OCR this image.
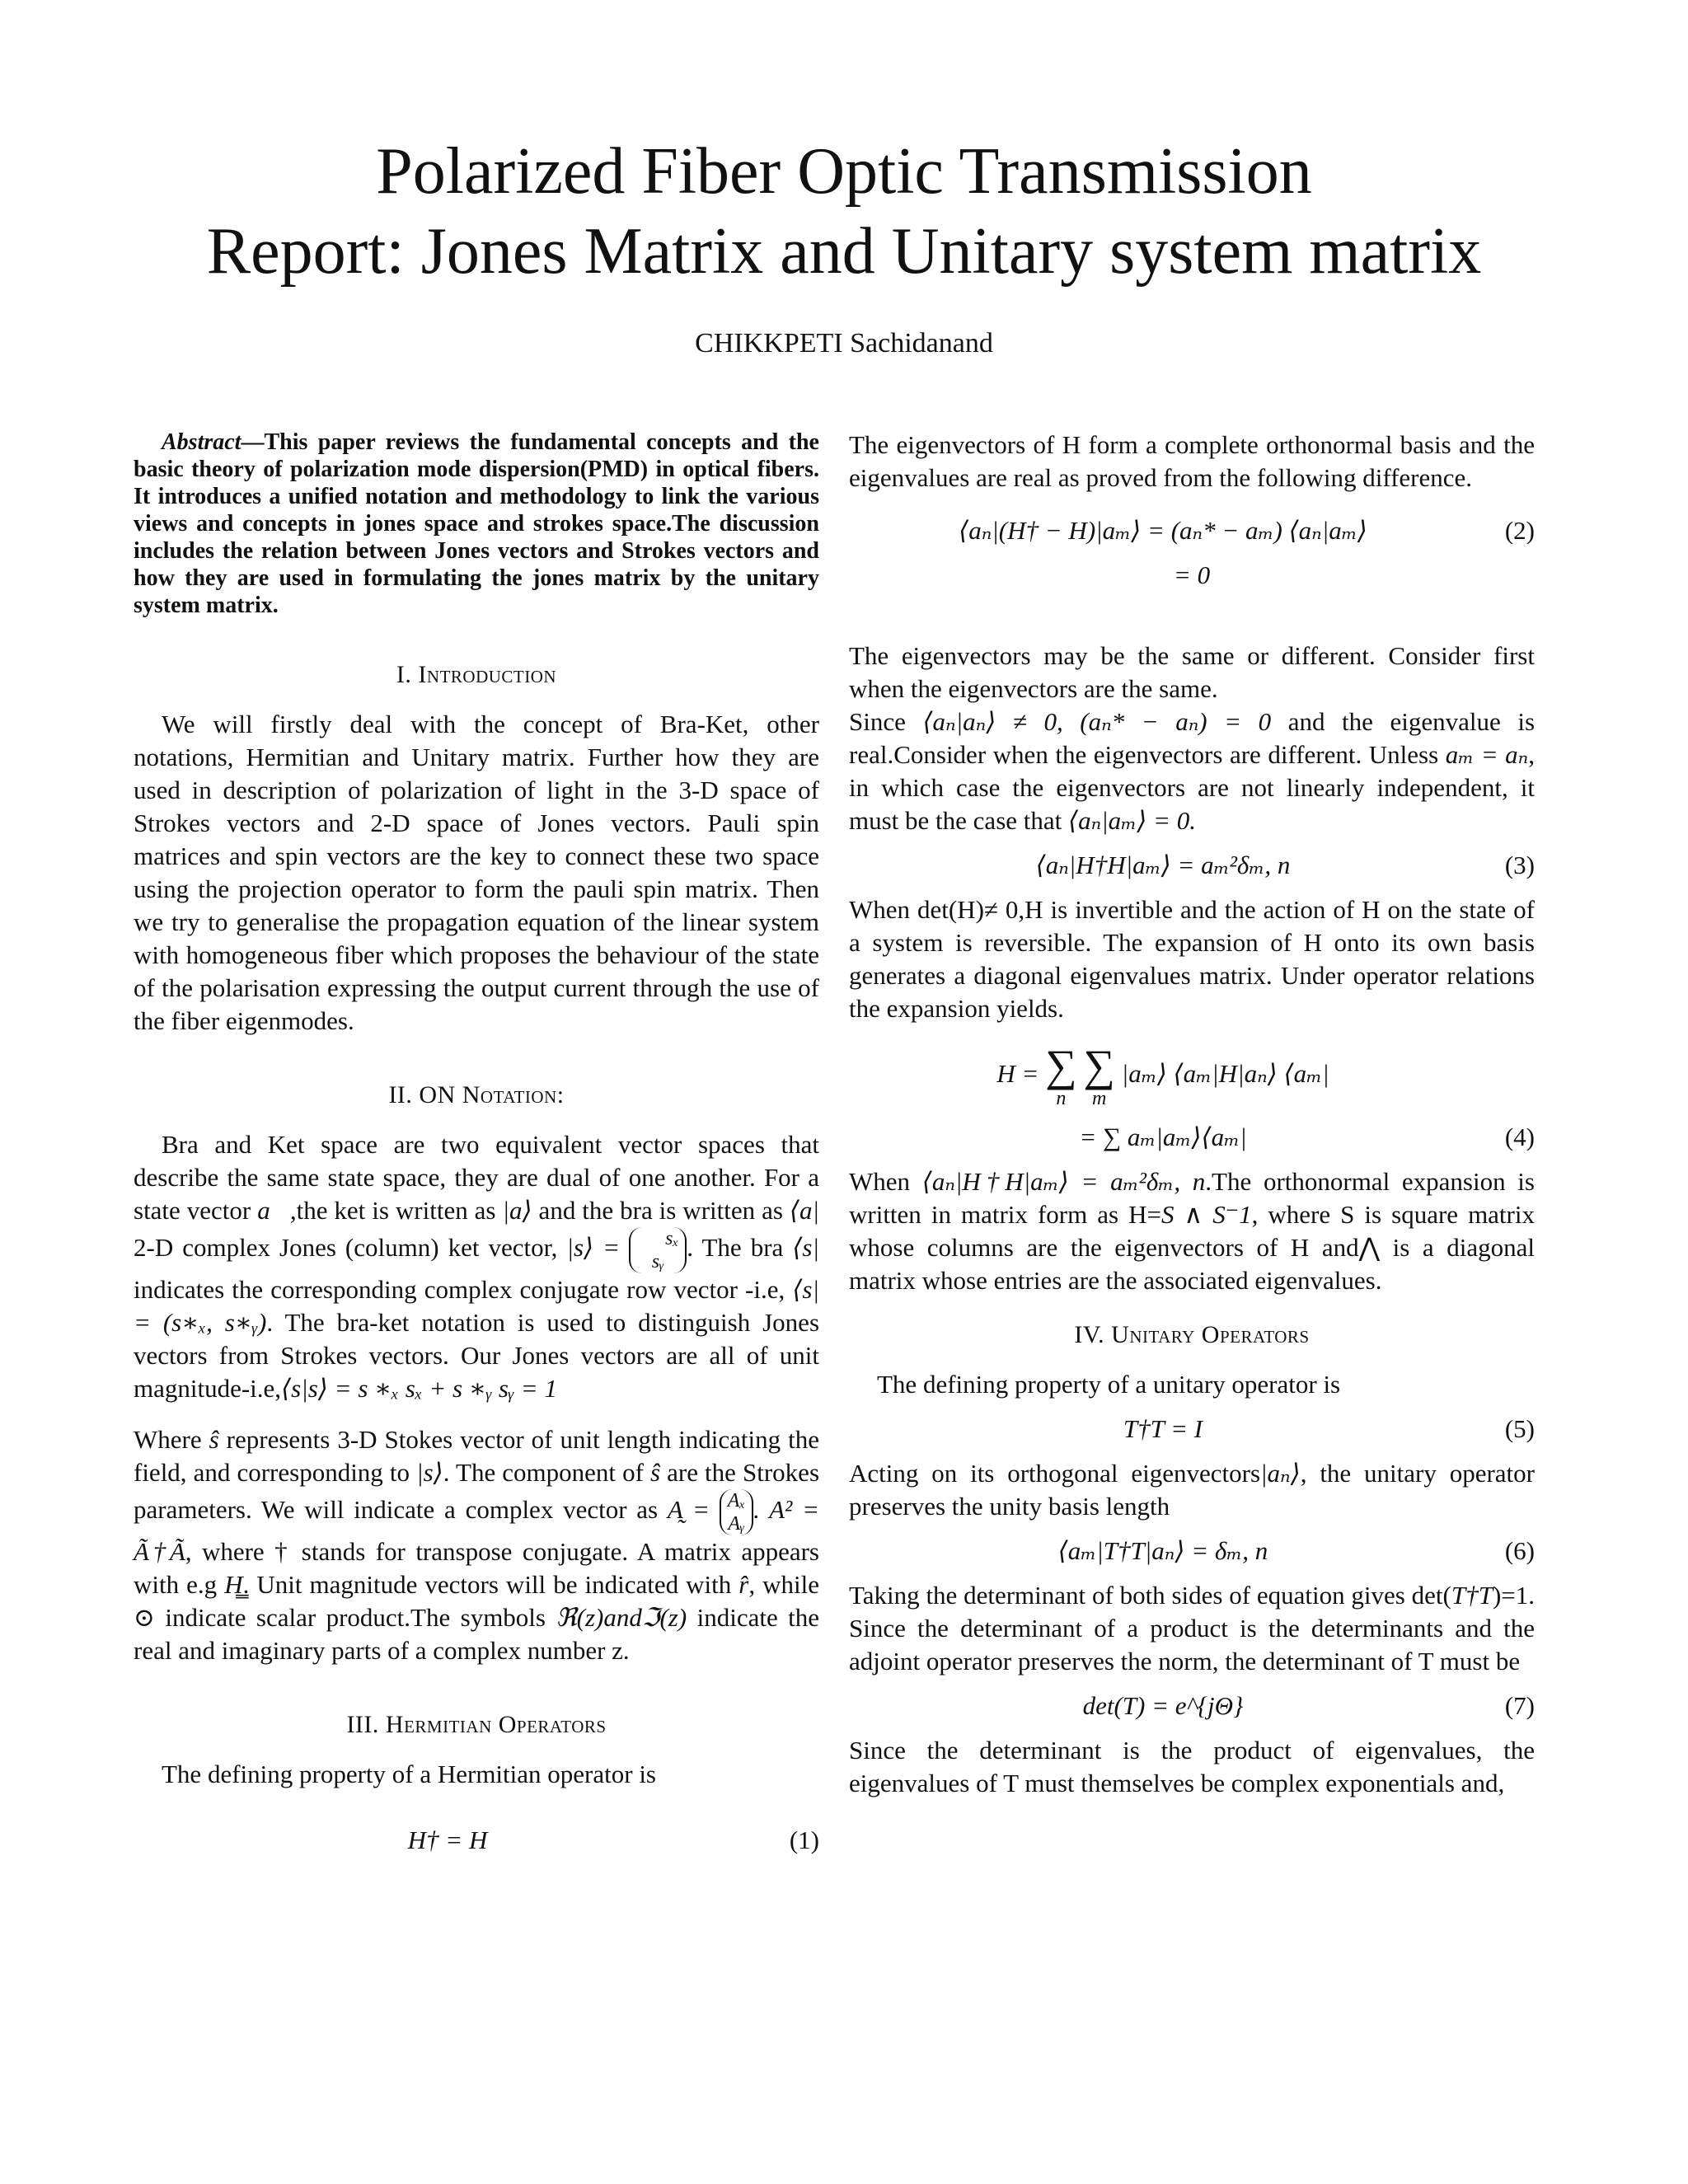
Polarized Fiber Optic Transmission
Report: Jones Matrix and Unitary system matrix
CHIKKPETI Sachidanand

Abstract—This paper reviews the fundamental concepts and the basic theory of polarization mode dispersion(PMD) in optical fibers. It introduces a unified notation and methodology to link the various views and concepts in jones space and strokes space.The discussion includes the relation between Jones vectors and Strokes vectors and how they are used in formulating the jones matrix by the unitary system matrix.

I. Introduction

We will firstly deal with the concept of Bra-Ket, other notations, Hermitian and Unitary matrix. Further how they are used in description of polarization of light in the 3-D space of Strokes vectors and 2-D space of Jones vectors. Pauli spin matrices and spin vectors are the key to connect these two space using the projection operator to form the pauli spin matrix. Then we try to generalise the propagation equation of the linear system with homogeneous fiber which proposes the behaviour of the state of the polarisation expressing the output current through the use of the fiber eigenmodes.

II. ON Notation:

Bra and Ket space are two equivalent vector spaces that describe the same state space, they are dual of one another. For a state vector a⃗,the ket is written as |a⟩ and the bra is written as ⟨a| 2-D complex Jones (column) ket vector, |s⟩ = sₓ
sᵧ . The bra ⟨s| indicates the corresponding complex conjugate row vector -i.e, ⟨s| = (s∗ₓ, s∗ᵧ). The bra-ket notation is used to distinguish Jones vectors from Strokes vectors. Our Jones vectors are all of unit magnitude-i.e,⟨s|s⟩ = s ∗ₓ sₓ + s ∗ᵧ sᵧ = 1

Where ŝ represents 3-D Stokes vector of unit length indicating the field, and corresponding to |s⟩. The component of ŝ are the Strokes parameters. We will indicate a complex vector as A̰ = Aₓ
Aᵧ . A² = Ã†Ã, where † stands for transpose conjugate. A matrix appears with e.g H̳. Unit magnitude vectors will be indicated with r̂, while ⊙ indicate scalar product.The symbols ℜ(z)andℑ(z) indicate the real and imaginary parts of a complex number z.

III. Hermitian Operators

The defining property of a Hermitian operator is

H† = H	(1)

The eigenvectors of H form a complete orthonormal basis and the eigenvalues are real as proved from the following difference.

⟨aₙ|(H† − H)|aₘ⟩ = (aₙ* − aₘ) ⟨aₙ|aₘ⟩	(2)
= 0

The eigenvectors may be the same or different. Consider first when the eigenvectors are the same.

Since ⟨aₙ|aₙ⟩ ≠ 0, (aₙ* − aₙ) = 0 and the eigenvalue is real.Consider when the eigenvectors are different. Unless aₘ = aₙ, in which case the eigenvectors are not linearly independent, it must be the case that ⟨aₙ|aₘ⟩ = 0.

⟨aₙ|H†H|aₘ⟩ = aₘ²δₘ, n	(3)

When det(H)≠ 0,H is invertible and the action of H on the state of a system is reversible. The expansion of H onto its own basis generates a diagonal eigenvalues matrix. Under operator relations the expansion yields.

H = ∑
n

∑
m
|aₘ⟩ ⟨aₘ|H|aₙ⟩ ⟨aₘ|
= ∑ aₘ|aₘ⟩⟨aₘ|	(4)

When ⟨aₙ|H†H|aₘ⟩ = aₘ²δₘ, n.The orthonormal expansion is written in matrix form as H=S ∧ S⁻1, where S is square matrix whose columns are the eigenvectors of H and⋀ is a diagonal matrix whose entries are the associated eigenvalues.

IV. Unitary Operators

The defining property of a unitary operator is

T†T = I	(5)

Acting on its orthogonal eigenvectors|aₙ⟩, the unitary operator preserves the unity basis length

⟨aₘ|T†T|aₙ⟩ = δₘ, n	(6)

Taking the determinant of both sides of equation gives det(T†T)=1. Since the determinant of a product is the determinants and the adjoint operator preserves the norm, the determinant of T must be

det(T) = e^{jΘ}	(7)

Since the determinant is the product of eigenvalues, the eigenvalues of T must themselves be complex exponentials and,
